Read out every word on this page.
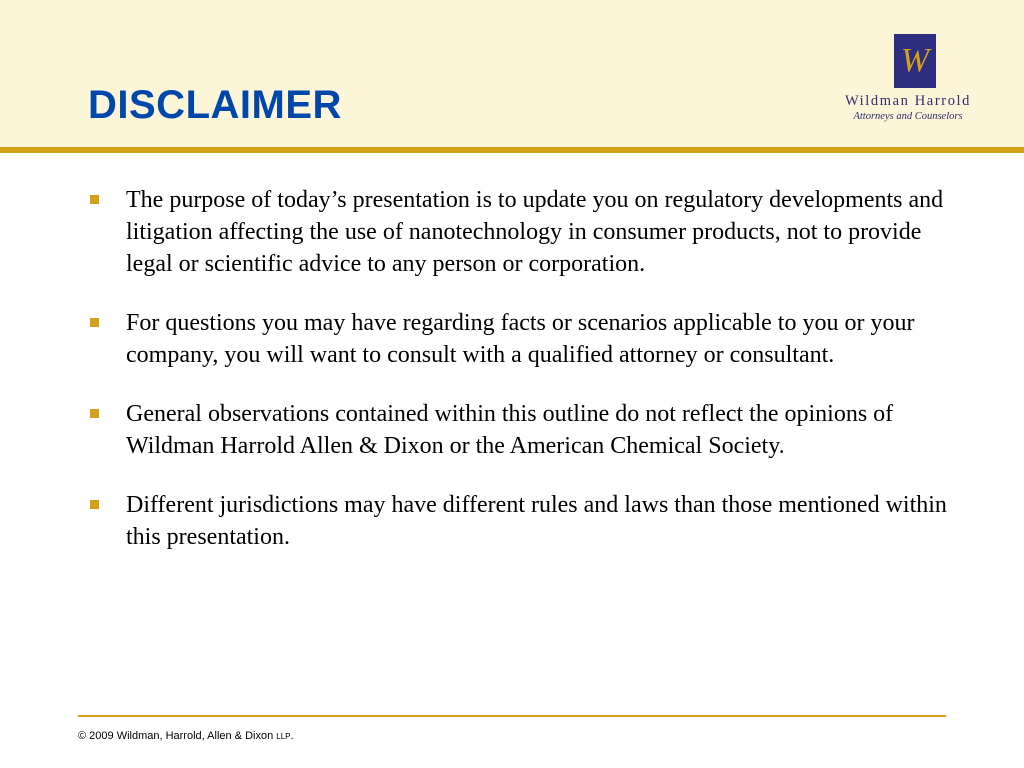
DISCLAIMER
W
Wildman Harrold
Attorneys and Counselors
The purpose of today’s presentation is to update you on regulatory developments and litigation affecting the use of nanotechnology in consumer products, not to provide legal or scientific advice to any person or corporation.
For questions you may have regarding facts or scenarios applicable to you or your company, you will want to consult with a qualified attorney or consultant.
General observations contained within this outline do not reflect the opinions of Wildman Harrold Allen & Dixon or the American Chemical Society.
Different jurisdictions may have different rules and laws than those mentioned within this presentation.
© 2009 Wildman, Harrold, Allen & Dixon LLP.
